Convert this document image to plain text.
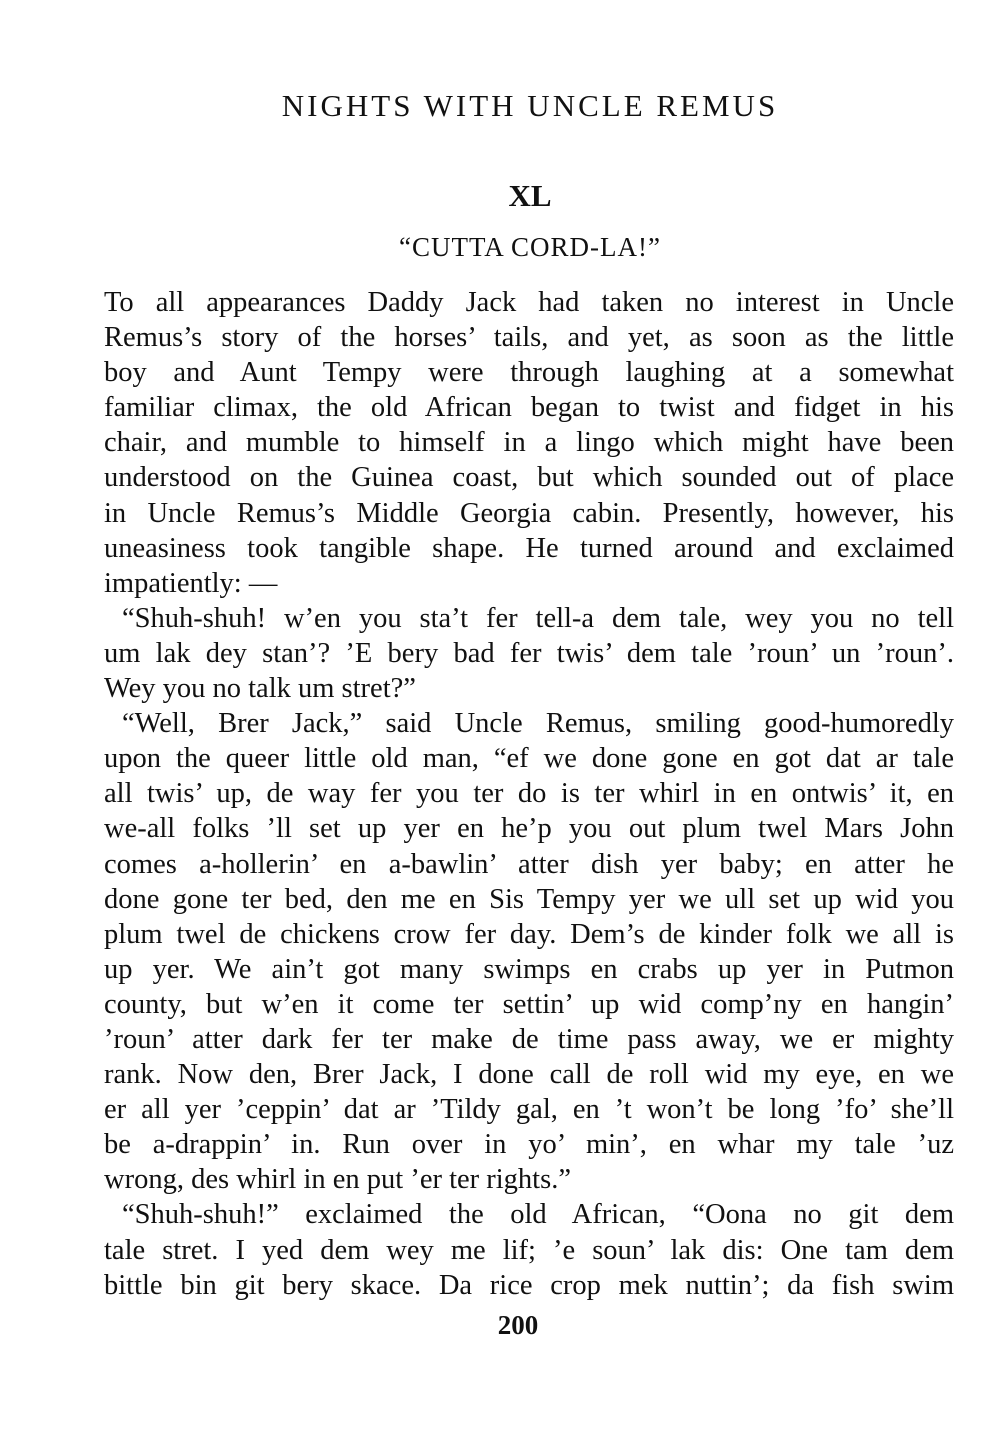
NIGHTS WITH UNCLE REMUS
XL
“CUTTA CORD-LA!”
To all appearances Daddy Jack had taken no interest in Uncle
Remus’s story of the horses’ tails, and yet, as soon as the little
boy and Aunt Tempy were through laughing at a somewhat
familiar climax, the old African began to twist and fidget in his
chair, and mumble to himself in a lingo which might have been
understood on the Guinea coast, but which sounded out of place
in Uncle Remus’s Middle Georgia cabin. Presently, however, his
uneasiness took tangible shape. He turned around and exclaimed
impatiently: —
“Shuh-shuh! w’en you sta’t fer tell-a dem tale, wey you no tell
um lak dey stan’? ’E bery bad fer twis’ dem tale ’roun’ un ’roun’.
Wey you no talk um stret?”
“Well, Brer Jack,” said Uncle Remus, smiling good-humoredly
upon the queer little old man, “ef we done gone en got dat ar tale
all twis’ up, de way fer you ter do is ter whirl in en ontwis’ it, en
we-all folks ’ll set up yer en he’p you out plum twel Mars John
comes a-hollerin’ en a-bawlin’ atter dish yer baby; en atter he
done gone ter bed, den me en Sis Tempy yer we ull set up wid you
plum twel de chickens crow fer day. Dem’s de kinder folk we all is
up yer. We ain’t got many swimps en crabs up yer in Putmon
county, but w’en it come ter settin’ up wid comp’ny en hangin’
’roun’ atter dark fer ter make de time pass away, we er mighty
rank. Now den, Brer Jack, I done call de roll wid my eye, en we
er all yer ’ceppin’ dat ar ’Tildy gal, en ’t won’t be long ’fo’ she’ll
be a-drappin’ in. Run over in yo’ min’, en whar my tale ’uz
wrong, des whirl in en put ’er ter rights.”
“Shuh-shuh!” exclaimed the old African, “Oona no git dem
tale stret. I yed dem wey me lif; ’e soun’ lak dis: One tam dem
bittle bin git bery skace. Da rice crop mek nuttin’; da fish swim
200
